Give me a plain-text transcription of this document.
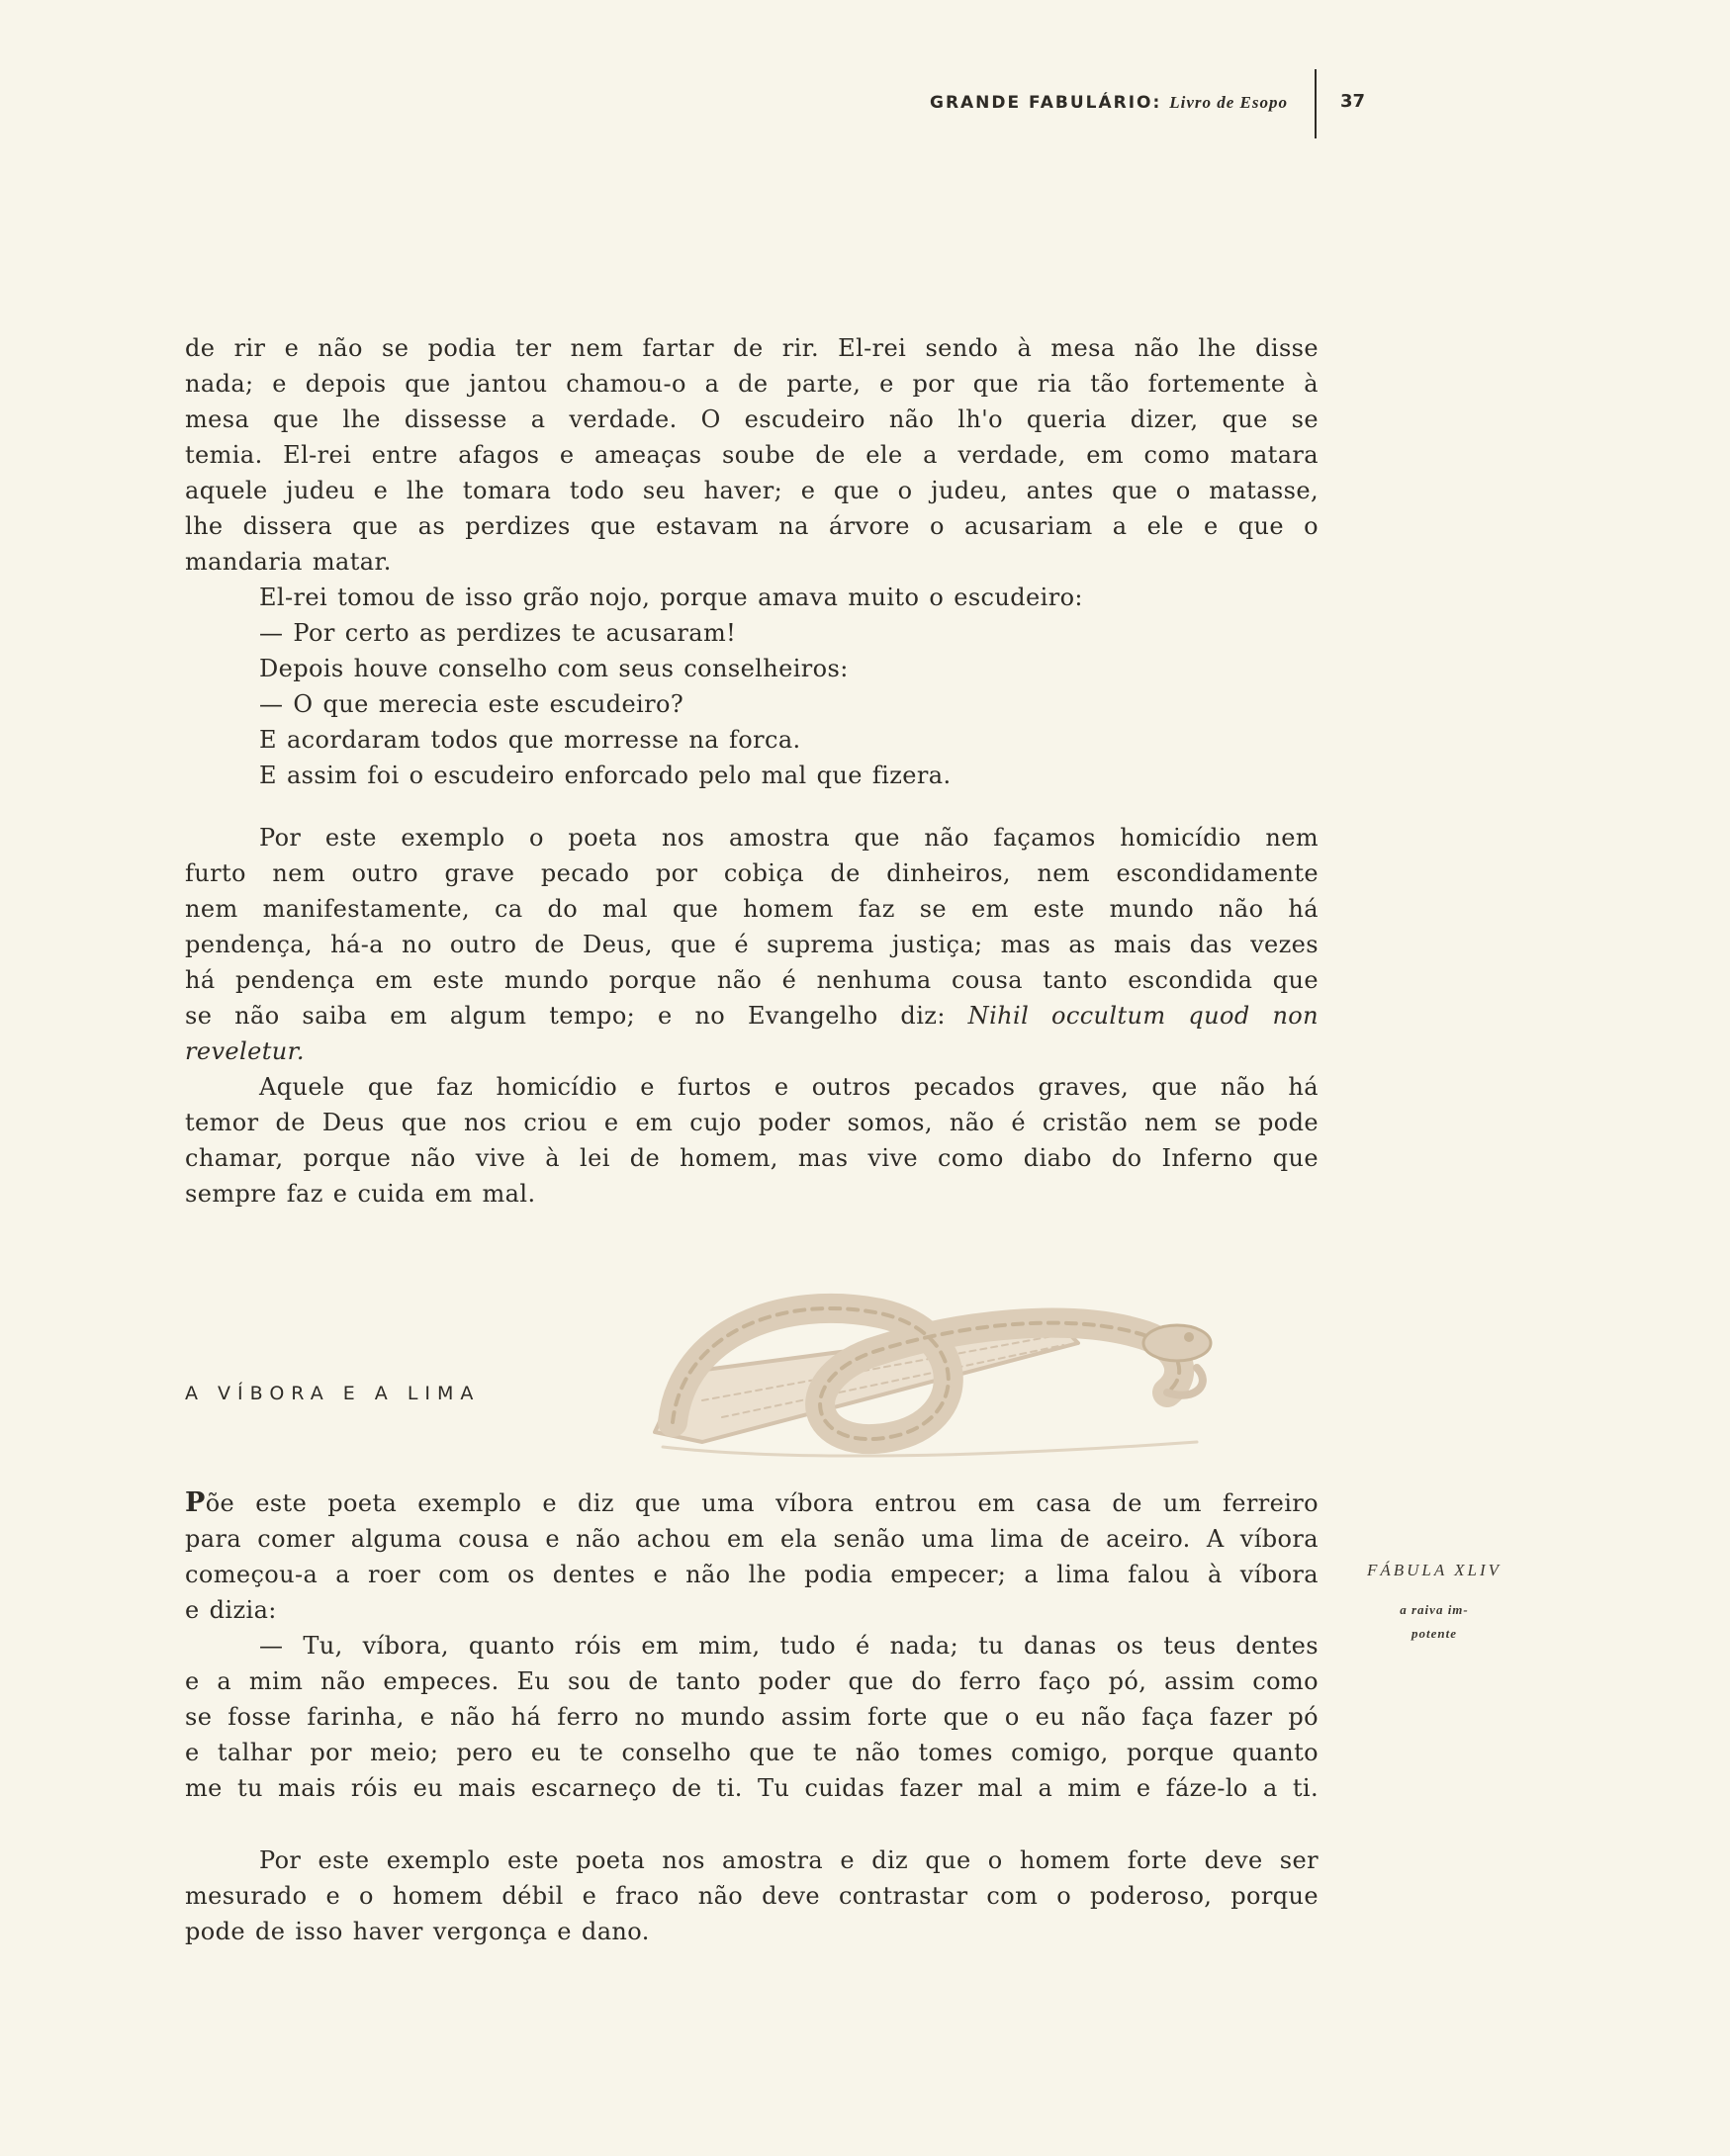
GRANDE FABULÁRIO: Livro de Esopo	37

de rir e não se podia ter nem fartar de rir. El-rei sendo à mesa não lhe disse

nada; e depois que jantou chamou-o a de parte, e por que ria tão fortemente à

mesa que lhe dissesse a verdade. O escudeiro não lh'o queria dizer, que se

temia. El-rei entre afagos e ameaças soube de ele a verdade, em como matara

aquele judeu e lhe tomara todo seu haver; e que o judeu, antes que o matasse,

lhe dissera que as perdizes que estavam na árvore o acusariam a ele e que o

mandaria matar.

El-rei tomou de isso grão nojo, porque amava muito o escudeiro:
— Por certo as perdizes te acusaram!
Depois houve conselho com seus conselheiros:
— O que merecia este escudeiro?
E acordaram todos que morresse na forca.
E assim foi o escudeiro enforcado pelo mal que fizera.

Por este exemplo o poeta nos amostra que não façamos homicídio nem

furto nem outro grave pecado por cobiça de dinheiros, nem escondidamente

nem manifestamente, ca do mal que homem faz se em este mundo não há

pendença, há-a no outro de Deus, que é suprema justiça; mas as mais das vezes

há pendença em este mundo porque não é nenhuma cousa tanto escondida que

se não saiba em algum tempo; e no Evangelho diz: Nihil occultum quod non

reveletur.

Aquele que faz homicídio e furtos e outros pecados graves, que não há

temor de Deus que nos criou e em cujo poder somos, não é cristão nem se pode

chamar, porque não vive à lei de homem, mas vive como diabo do Inferno que

sempre faz e cuida em mal.

A VÍBORA E A LIMA
FÁBULA XLIV
a raiva im-
potente

Põe este poeta exemplo e diz que uma víbora entrou em casa de um ferreiro

para comer alguma cousa e não achou em ela senão uma lima de aceiro. A víbora

começou-a a roer com os dentes e não lhe podia empecer; a lima falou à víbora

e dizia:

— Tu, víbora, quanto róis em mim, tudo é nada; tu danas os teus dentes

e a mim não empeces. Eu sou de tanto poder que do ferro faço pó, assim como

se fosse farinha, e não há ferro no mundo assim forte que o eu não faça fazer pó

e talhar por meio; pero eu te conselho que te não tomes comigo, porque quanto

me tu mais róis eu mais escarneço de ti. Tu cuidas fazer mal a mim e fáze-lo a ti.

Por este exemplo este poeta nos amostra e diz que o homem forte deve ser

mesurado e o homem débil e fraco não deve contrastar com o poderoso, porque

pode de isso haver vergonça e dano.
